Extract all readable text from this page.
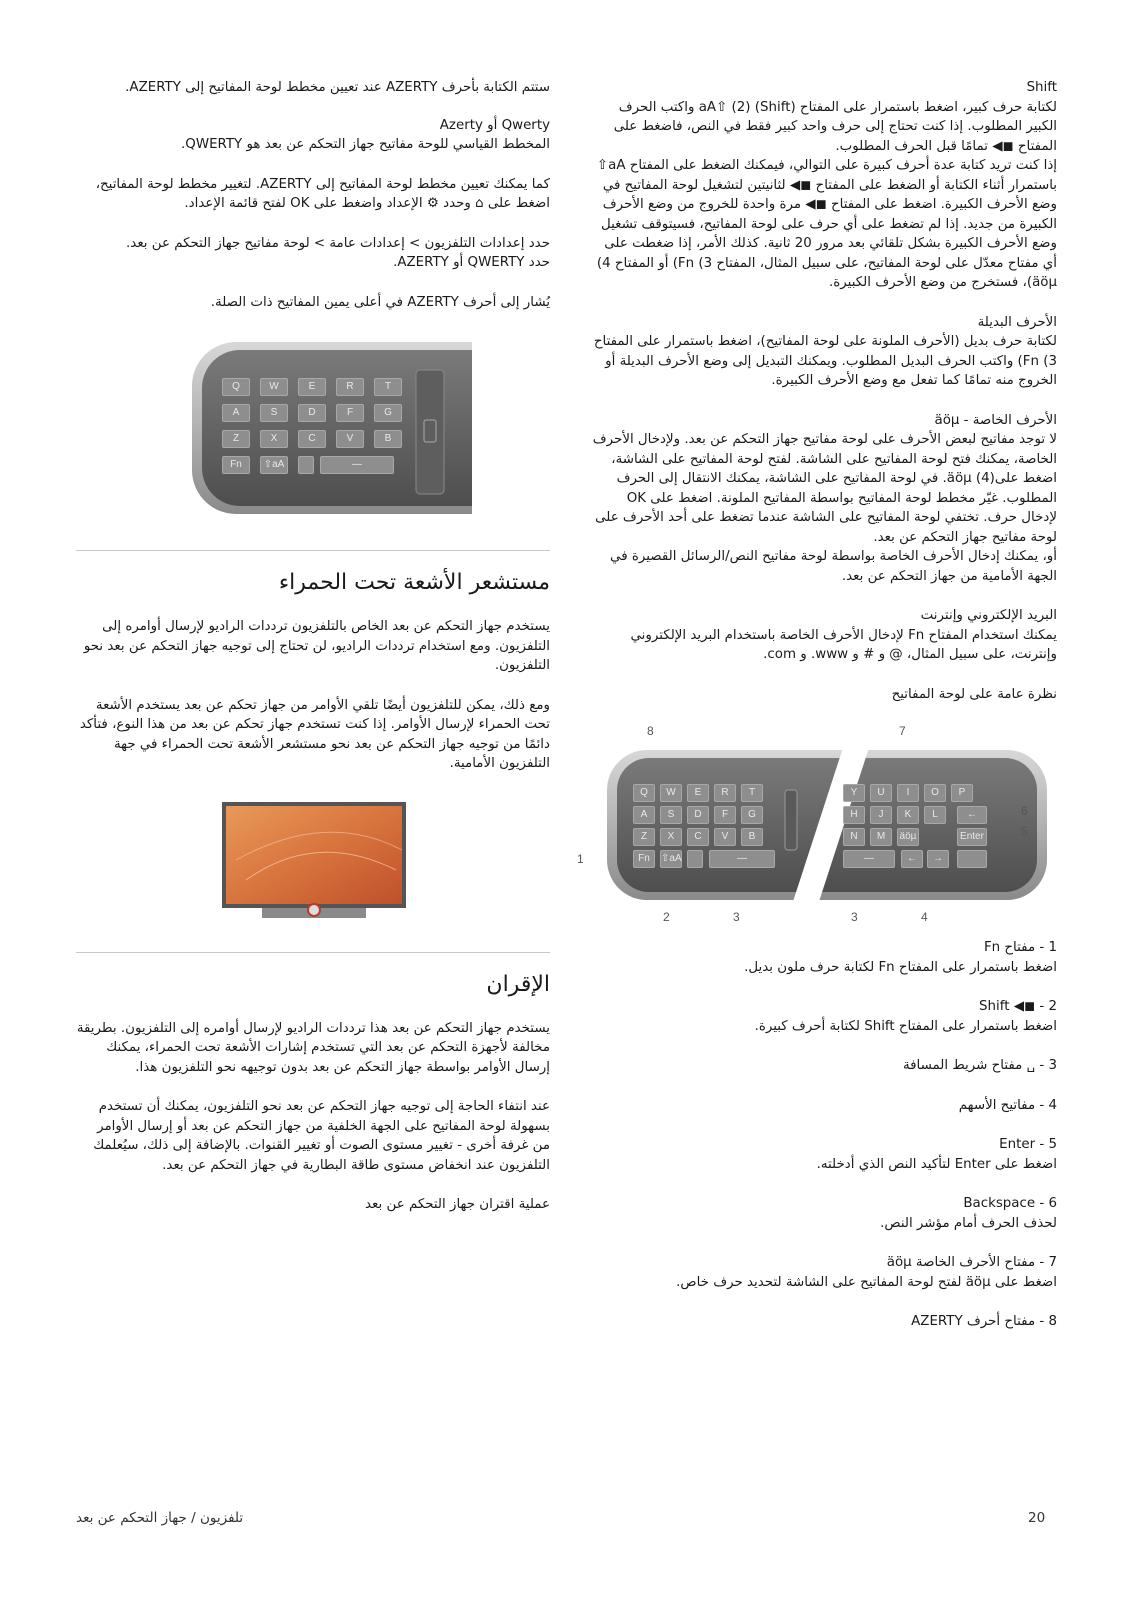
Shift

لكتابة حرف كبير، اضغط باستمرار على المفتاح aA⇧ (2) (Shift) واكتب الحرف الكبير المطلوب. إذا كنت تحتاج إلى حرف واحد كبير فقط في النص، فاضغط على المفتاح ◼◀ تمامًا قبل الحرف المطلوب.

إذا كنت تريد كتابة عدة أحرف كبيرة على التوالي، فيمكنك الضغط على المفتاح aA⇧ باستمرار أثناء الكتابة أو الضغط على المفتاح ◼◀ لثانيتين لتشغيل لوحة المفاتيح في وضع الأحرف الكبيرة. اضغط على المفتاح ◼◀ مرة واحدة للخروج من وضع الأحرف الكبيرة من جديد. إذا لم تضغط على أي حرف على لوحة المفاتيح، فسيتوقف تشغيل وضع الأحرف الكبيرة بشكل تلقائي بعد مرور 20 ثانية. كذلك الأمر، إذا ضغطت على أي مفتاح معدّل على لوحة المفاتيح، على سبيل المثال، المفتاح 3) Fn) أو المفتاح 4) äöµ)، فستخرج من وضع الأحرف الكبيرة.

الأحرف البديلة

لكتابة حرف بديل (الأحرف الملونة على لوحة المفاتيح)، اضغط باستمرار على المفتاح 3) Fn) واكتب الحرف البديل المطلوب. ويمكنك التبديل إلى وضع الأحرف البديلة أو الخروج منه تمامًا كما تفعل مع وضع الأحرف الكبيرة.

الأحرف الخاصة - äöµ

لا توجد مفاتيح لبعض الأحرف على لوحة مفاتيح جهاز التحكم عن بعد. ولإدخال الأحرف الخاصة، يمكنك فتح لوحة المفاتيح على الشاشة. لفتح لوحة المفاتيح على الشاشة، اضغط على(4) äöµ. في لوحة المفاتيح على الشاشة، يمكنك الانتقال إلى الحرف المطلوب. غيّر مخطط لوحة المفاتيح بواسطة المفاتيح الملونة. اضغط على OK لإدخال حرف. تختفي لوحة المفاتيح على الشاشة عندما تضغط على أحد الأحرف على لوحة مفاتيح جهاز التحكم عن بعد.

أو، يمكنك إدخال الأحرف الخاصة بواسطة لوحة مفاتيح النص/الرسائل القصيرة في الجهة الأمامية من جهاز التحكم عن بعد.

البريد الإلكتروني وإنترنت

يمكنك استخدام المفتاح Fn لإدخال الأحرف الخاصة باستخدام البريد الإلكتروني وإنترنت، على سبيل المثال، @ و # و www. و com.

نظرة عامة على لوحة المفاتيح

Q	W	E	R	T
A	S	D	F	G
Z	X	C	V	B
Fn	⇧aA	—
Y	U	I	O	P
H	J	K	L
N	M	äöµ
←
Enter
—	←	→
8	7
6
5
1
2	3	3	4

1 - مفتاح Fn

اضغط باستمرار على المفتاح Fn لكتابة حرف ملون بديل.

2 - ◼◀ Shift

اضغط باستمرار على المفتاح Shift لكتابة أحرف كبيرة.

3 - ␣ مفتاح شريط المسافة

4 - مفاتيح الأسهم

5 - Enter

اضغط على Enter لتأكيد النص الذي أدخلته.

6 - Backspace

لحذف الحرف أمام مؤشر النص.

7 - مفتاح الأحرف الخاصة äöµ

اضغط على äöµ لفتح لوحة المفاتيح على الشاشة لتحديد حرف خاص.

8 - مفتاح أحرف AZERTY

ستتم الكتابة بأحرف AZERTY عند تعيين مخطط لوحة المفاتيح إلى AZERTY.

Qwerty أو Azerty

المخطط القياسي للوحة مفاتيح جهاز التحكم عن بعد هو QWERTY.

كما يمكنك تعيين مخطط لوحة المفاتيح إلى AZERTY. لتغيير مخطط لوحة المفاتيح، اضغط على ⌂ وحدد ⚙ الإعداد واضغط على OK لفتح قائمة الإعداد.

حدد إعدادات التلفزيون > إعدادات عامة > لوحة مفاتيح جهاز التحكم عن بعد.

حدد QWERTY أو AZERTY.

يُشار إلى أحرف AZERTY في أعلى يمين المفاتيح ذات الصلة.

Q	W	E	R	T
A	S	D	F	G
Z	X	C	V	B
Fn	⇧aA	—
مستشعر الأشعة تحت الحمراء

يستخدم جهاز التحكم عن بعد الخاص بالتلفزيون ترددات الراديو لإرسال أوامره إلى التلفزيون. ومع استخدام ترددات الراديو، لن تحتاج إلى توجيه جهاز التحكم عن بعد نحو التلفزيون.

ومع ذلك، يمكن للتلفزيون أيضًا تلقي الأوامر من جهاز تحكم عن بعد يستخدم الأشعة تحت الحمراء لإرسال الأوامر. إذا كنت تستخدم جهاز تحكم عن بعد من هذا النوع، فتأكد دائمًا من توجيه جهاز التحكم عن بعد نحو مستشعر الأشعة تحت الحمراء في جهة التلفزيون الأمامية.

الإقران

يستخدم جهاز التحكم عن بعد هذا ترددات الراديو لإرسال أوامره إلى التلفزيون. بطريقة مخالفة لأجهزة التحكم عن بعد التي تستخدم إشارات الأشعة تحت الحمراء، يمكنك إرسال الأوامر بواسطة جهاز التحكم عن بعد بدون توجيهه نحو التلفزيون هذا.

عند انتفاء الحاجة إلى توجيه جهاز التحكم عن بعد نحو التلفزيون، يمكنك أن تستخدم بسهولة لوحة المفاتيح على الجهة الخلفية من جهاز التحكم عن بعد أو إرسال الأوامر من غرفة أخرى - تغيير مستوى الصوت أو تغيير القنوات. بالإضافة إلى ذلك، سيُعلمك التلفزيون عند انخفاض مستوى طاقة البطارية في جهاز التحكم عن بعد.

عملية اقتران جهاز التحكم عن بعد

20
تلفزيون / جهاز التحكم عن بعد
